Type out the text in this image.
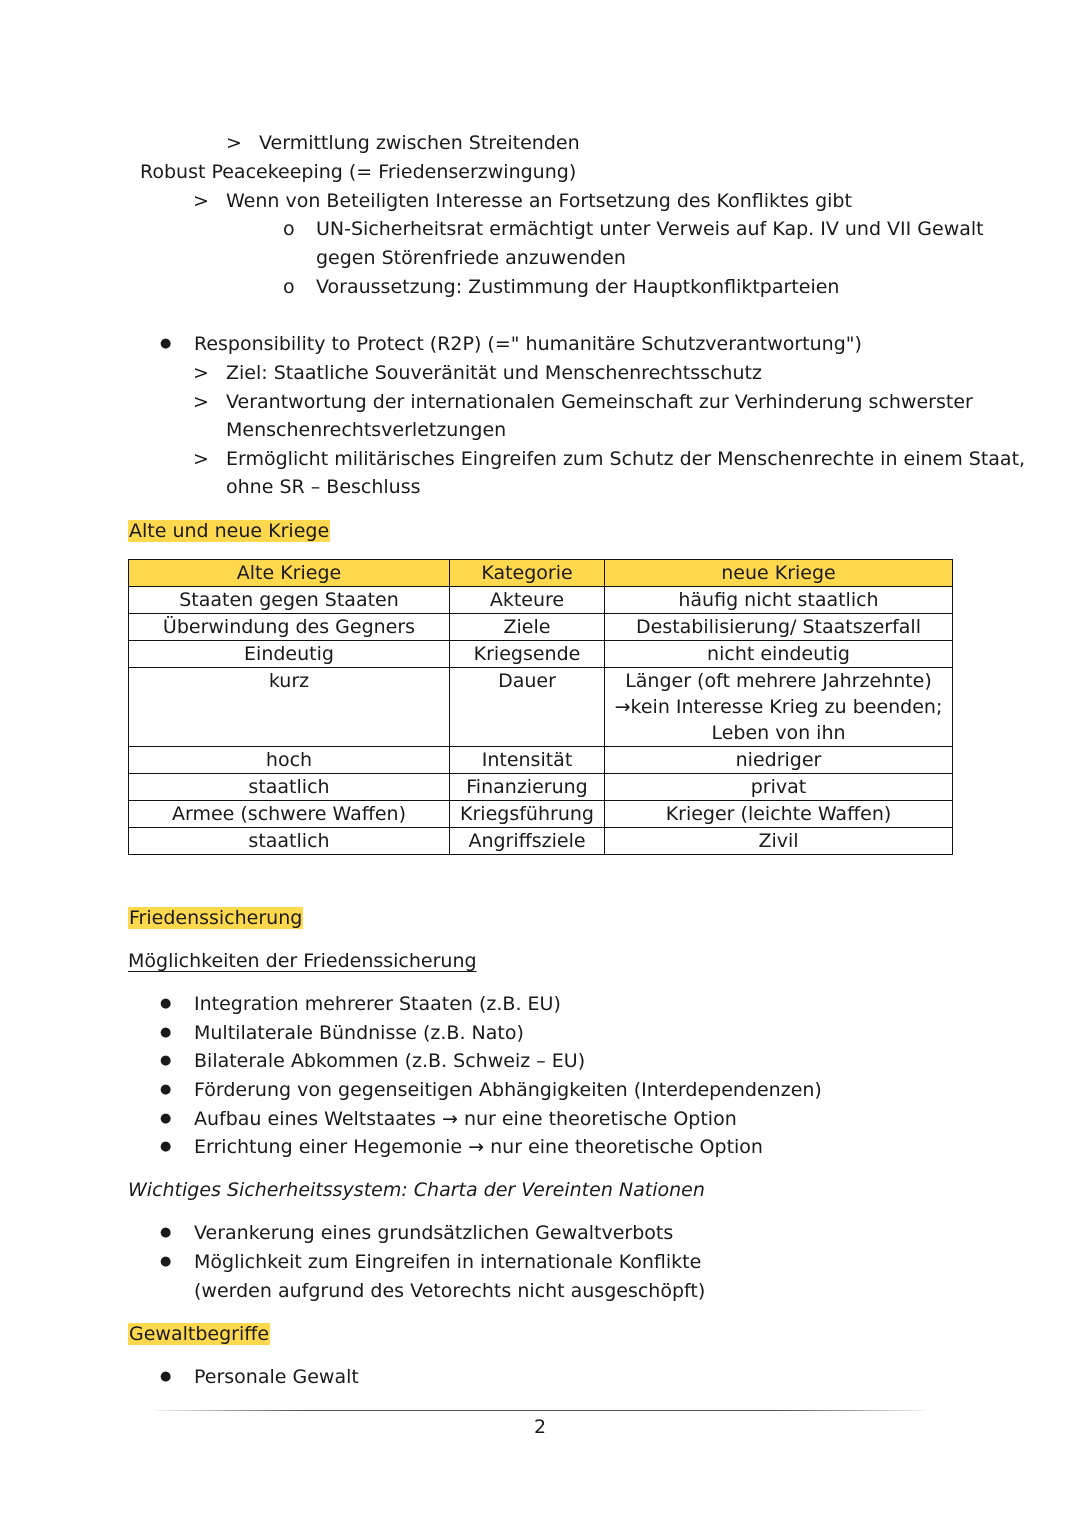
> Vermittlung zwischen Streitenden
Robust Peacekeeping (= Friedenserzwingung)
> Wenn von Beteiligten Interesse an Fortsetzung des Konfliktes gibt
o UN-Sicherheitsrat ermächtigt unter Verweis auf Kap. IV und VII Gewalt
gegen Störenfriede anzuwenden
o Voraussetzung: Zustimmung der Hauptkonfliktparteien
● Responsibility to Protect (R2P) (=" humanitäre Schutzverantwortung")
> Ziel: Staatliche Souveränität und Menschenrechtsschutz
> Verantwortung der internationalen Gemeinschaft zur Verhinderung schwerster
Menschenrechtsverletzungen
> Ermöglicht militärisches Eingreifen zum Schutz der Menschenrechte in einem Staat,
ohne SR – Beschluss
Alte und neue Kriege
Alte Kriege	Kategorie	neue Kriege
Staaten gegen Staaten	Akteure	häufig nicht staatlich
Überwindung des Gegners	Ziele	Destabilisierung/ Staatszerfall
Eindeutig	Kriegsende	nicht eindeutig
kurz	Dauer	Länger (oft mehrere Jahrzehnte)
→kein Interesse Krieg zu beenden;
Leben von ihn

hoch	Intensität	niedriger
staatlich	Finanzierung	privat
Armee (schwere Waffen)	Kriegsführung	Krieger (leichte Waffen)
staatlich	Angriffsziele	Zivil
Friedenssicherung
Möglichkeiten der Friedenssicherung
● Integration mehrerer Staaten (z.B. EU)
● Multilaterale Bündnisse (z.B. Nato)
● Bilaterale Abkommen (z.B. Schweiz – EU)
● Förderung von gegenseitigen Abhängigkeiten (Interdependenzen)
● Aufbau eines Weltstaates → nur eine theoretische Option
● Errichtung einer Hegemonie → nur eine theoretische Option
Wichtiges Sicherheitssystem: Charta der Vereinten Nationen
● Verankerung eines grundsätzlichen Gewaltverbots
● Möglichkeit zum Eingreifen in internationale Konflikte
(werden aufgrund des Vetorechts nicht ausgeschöpft)
Gewaltbegriffe
● Personale Gewalt
2
